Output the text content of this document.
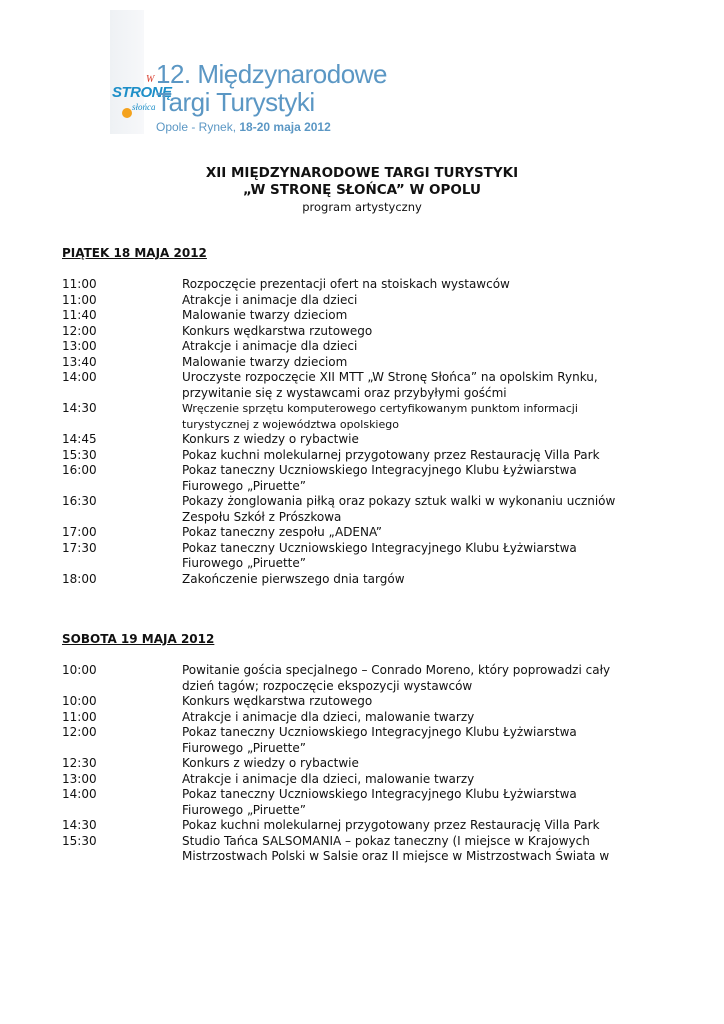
W
STRONĘ
słońca
12. Międzynarodowe
Targi Turystyki
Opole - Rynek, 18-20 maja 2012
XII MIĘDZYNARODOWE TARGI TURYSTYKI
„W STRONĘ SŁOŃCA” W OPOLU
program artystyczny
PIĄTEK 18 MAJA 2012
11:00	Rozpoczęcie prezentacji ofert na stoiskach wystawców
11:00	Atrakcje i animacje dla dzieci
11:40	Malowanie twarzy dzieciom
12:00	Konkurs wędkarstwa rzutowego
13:00	Atrakcje i animacje dla dzieci
13:40	Malowanie twarzy dzieciom
14:00	Uroczyste rozpoczęcie XII MTT „W Stronę Słońca” na opolskim Rynku,
przywitanie się z wystawcami oraz przybyłymi gośćmi
14:30	Wręczenie sprzętu komputerowego certyfikowanym punktom informacji
turystycznej z województwa opolskiego
14:45	Konkurs z wiedzy o rybactwie
15:30	Pokaz kuchni molekularnej przygotowany przez Restaurację Villa Park
16:00	Pokaz taneczny Uczniowskiego Integracyjnego Klubu Łyżwiarstwa
Fiurowego „Piruette”
16:30	Pokazy żonglowania piłką oraz pokazy sztuk walki w wykonaniu uczniów
Zespołu Szkół z Prószkowa
17:00	Pokaz taneczny zespołu „ADENA”
17:30	Pokaz taneczny Uczniowskiego Integracyjnego Klubu Łyżwiarstwa
Fiurowego „Piruette”
18:00	Zakończenie pierwszego dnia targów
SOBOTA 19 MAJA 2012
10:00	Powitanie gościa specjalnego – Conrado Moreno, który poprowadzi cały
dzień tagów; rozpoczęcie ekspozycji wystawców
10:00	Konkurs wędkarstwa rzutowego
11:00	Atrakcje i animacje dla dzieci, malowanie twarzy
12:00	Pokaz taneczny Uczniowskiego Integracyjnego Klubu Łyżwiarstwa
Fiurowego „Piruette”
12:30	Konkurs z wiedzy o rybactwie
13:00	Atrakcje i animacje dla dzieci, malowanie twarzy
14:00	Pokaz taneczny Uczniowskiego Integracyjnego Klubu Łyżwiarstwa
Fiurowego „Piruette”
14:30	Pokaz kuchni molekularnej przygotowany przez Restaurację Villa Park
15:30	Studio Tańca SALSOMANIA – pokaz taneczny (I miejsce w Krajowych
Mistrzostwach Polski w Salsie oraz II miejsce w Mistrzostwach Świata w
